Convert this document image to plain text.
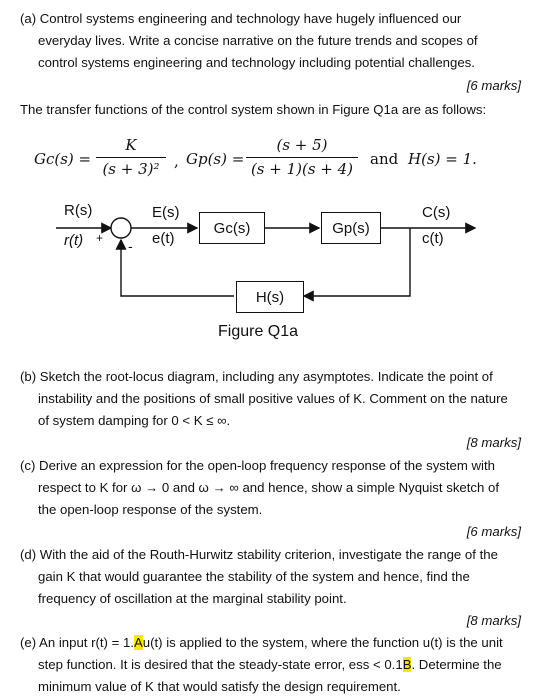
(a) Control systems engineering and technology have hugely influenced our

everyday lives. Write a concise narrative on the future trends and scopes of
control systems engineering and technology including potential challenges.
[6 marks]
The transfer functions of the control system shown in Figure Q1a are as follows:
$Gc(s) = \frac{K}{\text{(s + 3)²}}$ , $Gp(s) = \frac{(s + 5)}{(s + 1)(s + 4)}$ and H(s) = 1.
R(s)
r(t) + -
E(s)
e(t)
Gc(s)	Gp(s)
C(s)
c(t)
H(s)
Figure Q1a
(b) Sketch the root-locus diagram, including any asymptotes. Indicate the point of

instability and the positions of small positive values of K. Comment on the nature
of system damping for 0 < K ≤ ∞.
[8 marks]
(c) Derive an expression for the open-loop frequency response of the system with

respect to K for ω → 0 and ω → ∞ and hence, show a simple Nyquist sketch of
the open-loop response of the system.
[6 marks]
(d) With the aid of the Routh-Hurwitz stability criterion, investigate the range of the

gain K that would guarantee the stability of the system and hence, find the
frequency of oscillation at the marginal stability point.
[8 marks]
(e) An input r(t) = 1.Au(t) is applied to the system, where the function u(t) is the unit

step function. It is desired that the steady-state error, ess < 0.1B. Determine the
minimum value of K that would satisfy the design requirement.
